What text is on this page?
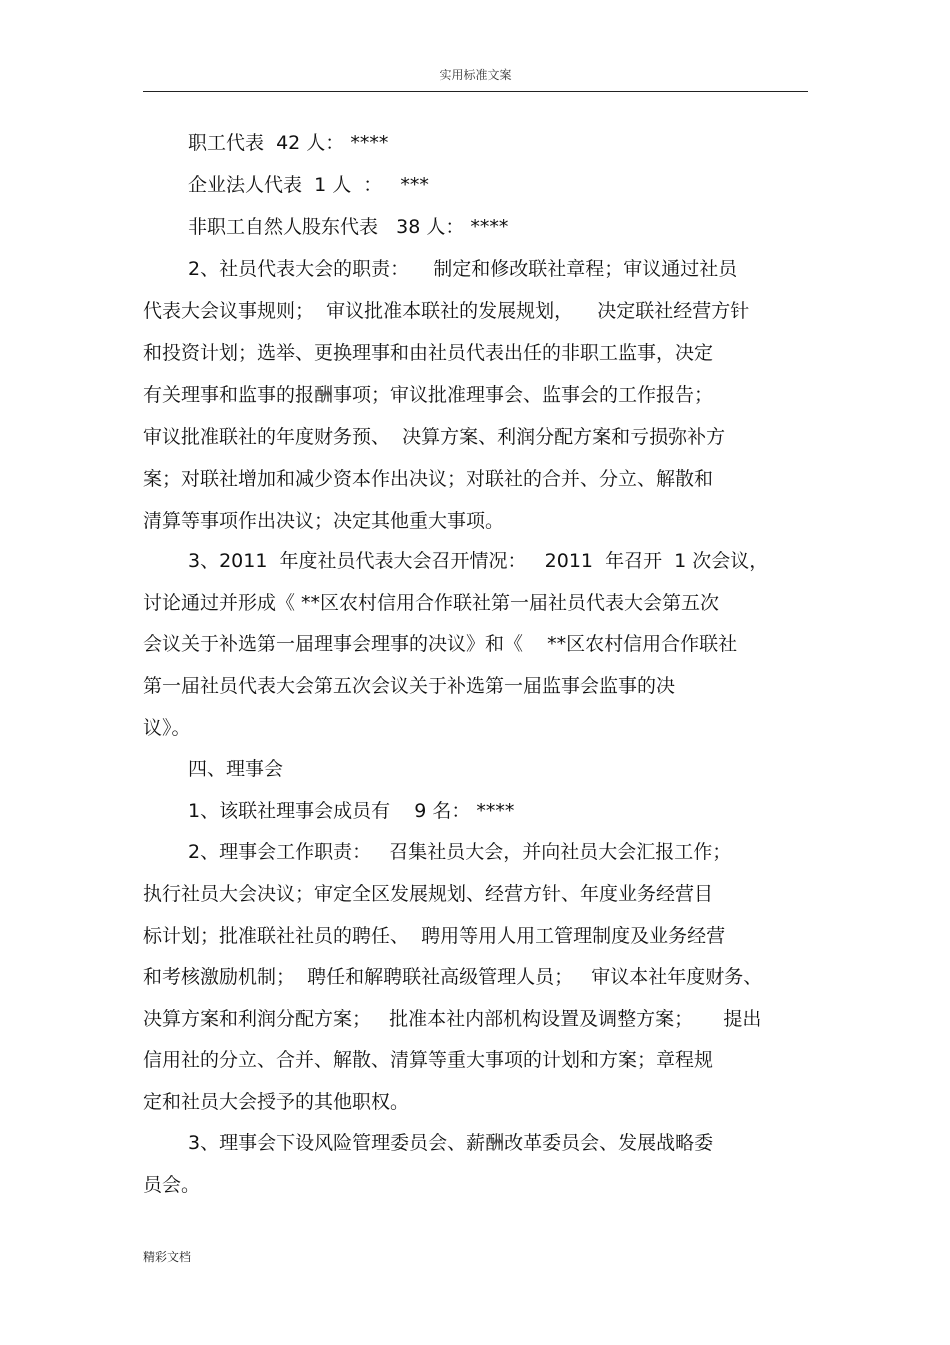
实用标准文案
职工代表  42 人： ****
企业法人代表  1 人  ：   ***
非职工自然人股东代表   38 人： ****
2、社员代表大会的职责：    制定和修改联社章程；审议通过社员
代表大会议事规则；  审议批准本联社的发展规划，    决定联社经营方针
和投资计划；选举、更换理事和由社员代表出任的非职工监事，决定
有关理事和监事的报酬事项；审议批准理事会、监事会的工作报告；
审议批准联社的年度财务预、  决算方案、利润分配方案和亏损弥补方
案；对联社增加和减少资本作出决议；对联社的合并、分立、解散和
清算等事项作出决议；决定其他重大事项。
3、2011  年度社员代表大会召开情况：   2011  年召开  1 次会议，
讨论通过并形成《 **区农村信用合作联社第一届社员代表大会第五次
会议关于补选第一届理事会理事的决议》和《    **区农村信用合作联社
第一届社员代表大会第五次会议关于补选第一届监事会监事的决
议》。
四、理事会
1、该联社理事会成员有    9 名： ****
2、理事会工作职责：   召集社员大会，并向社员大会汇报工作；
执行社员大会决议；审定全区发展规划、经营方针、年度业务经营目
标计划；批准联社社员的聘任、  聘用等用人用工管理制度及业务经营
和考核激励机制；  聘任和解聘联社高级管理人员；   审议本社年度财务、
决算方案和利润分配方案；   批准本社内部机构设置及调整方案；     提出
信用社的分立、合并、解散、清算等重大事项的计划和方案；章程规
定和社员大会授予的其他职权。
3、理事会下设风险管理委员会、薪酬改革委员会、发展战略委
员会。
精彩文档
